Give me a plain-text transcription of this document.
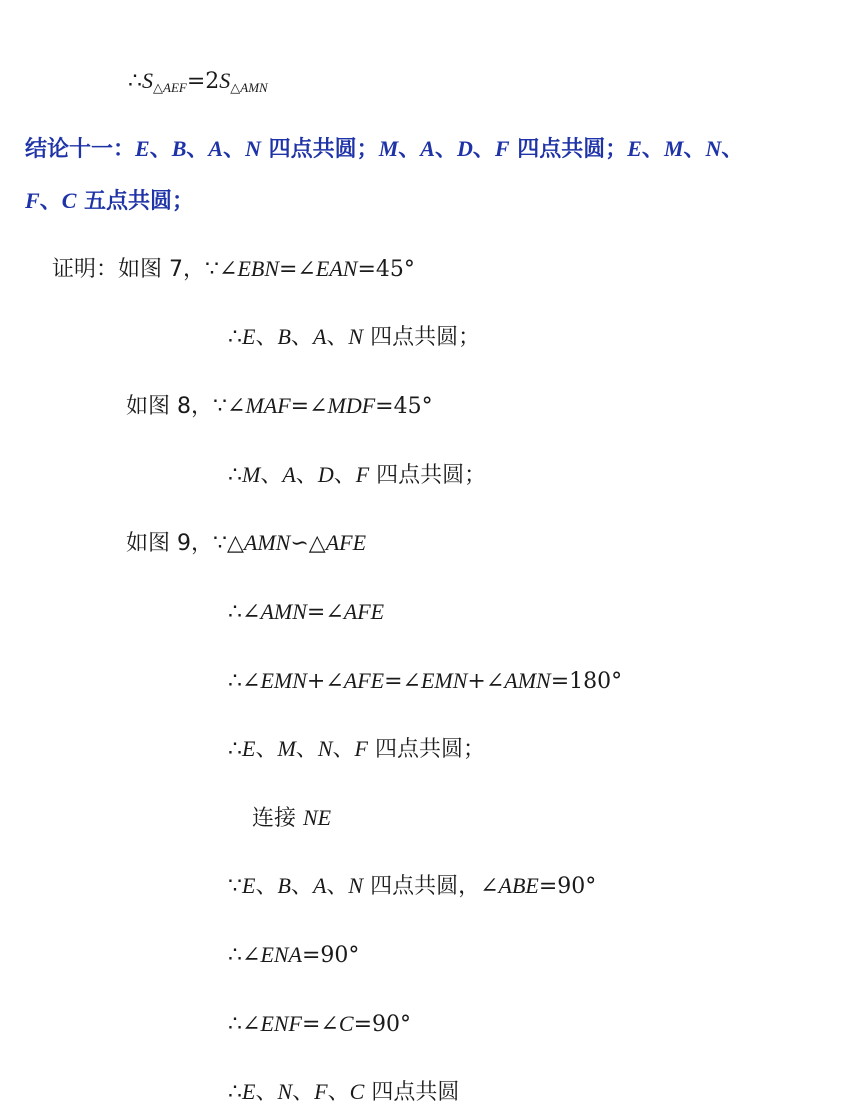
$\therefore S_{\triangle AEF}=2S_{\triangle AMN}$
结论十一：E、B、A、N 四点共圆；M、A、D、F 四点共圆；E、M、N、
F、C 五点共圆；
证明：如图 7，∵∠EBN=∠EAN=45°
∴E、B、A、N 四点共圆；
如图 8，∵∠MAF=∠MDF=45°
∴M、A、D、F 四点共圆；
如图 9，∵△AMN∽△AFE
∴∠AMN=∠AFE
∴∠EMN+∠AFE=∠EMN+∠AMN=180°
∴E、M、N、F 四点共圆；
连接 NE
∵E、B、A、N 四点共圆，∠ABE=90°
∴∠ENA=90°
∴∠ENF=∠C=90°
∴E、N、F、C 四点共圆
